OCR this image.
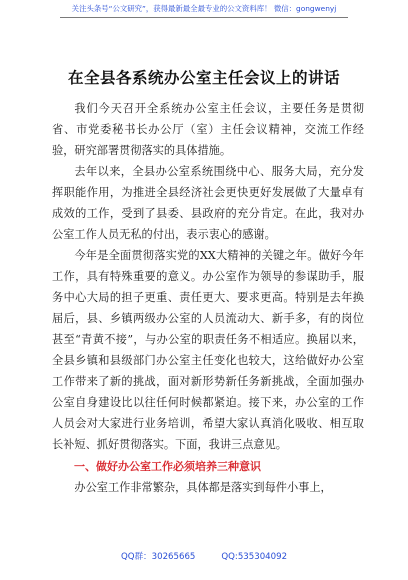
关注头条号“公文研究”，获得最新最全最专业的公文资料库！ 微信：gongwenyj
在全县各系统办公室主任会议上的讲话

我们今天召开全系统办公室主任会议，主要任务是贯彻省、市党委秘书长办公厅（室）主任会议精神，交流工作经验，研究部署贯彻落实的具体措施。

去年以来，全县办公室系统围绕中心、服务大局，充分发挥职能作用，为推进全县经济社会更快更好发展做了大量卓有成效的工作，受到了县委、县政府的充分肯定。在此，我对办公室工作人员无私的付出，表示衷心的感谢。

今年是全面贯彻落实党的XX大精神的关键之年。做好今年工作，具有特殊重要的意义。办公室作为领导的参谋助手，服务中心大局的担子更重、责任更大、要求更高。特别是去年换届后，县、乡镇两级办公室的人员流动大、新手多，有的岗位甚至“青黄不接”，与办公室的职责任务不相适应。换届以来，全县乡镇和县级部门办公室主任变化也较大，这给做好办公室工作带来了新的挑战，面对新形势新任务新挑战，全面加强办公室自身建设比以往任何时候都紧迫。接下来，办公室的工作人员会对大家进行业务培训，希望大家认真消化吸收、相互取长补短、抓好贯彻落实。下面，我讲三点意见。

一、做好办公室工作必须培养三种意识

办公室工作非常繁杂，具体都是落实到每件小事上，

QQ群：30265665	QQ:535304092
